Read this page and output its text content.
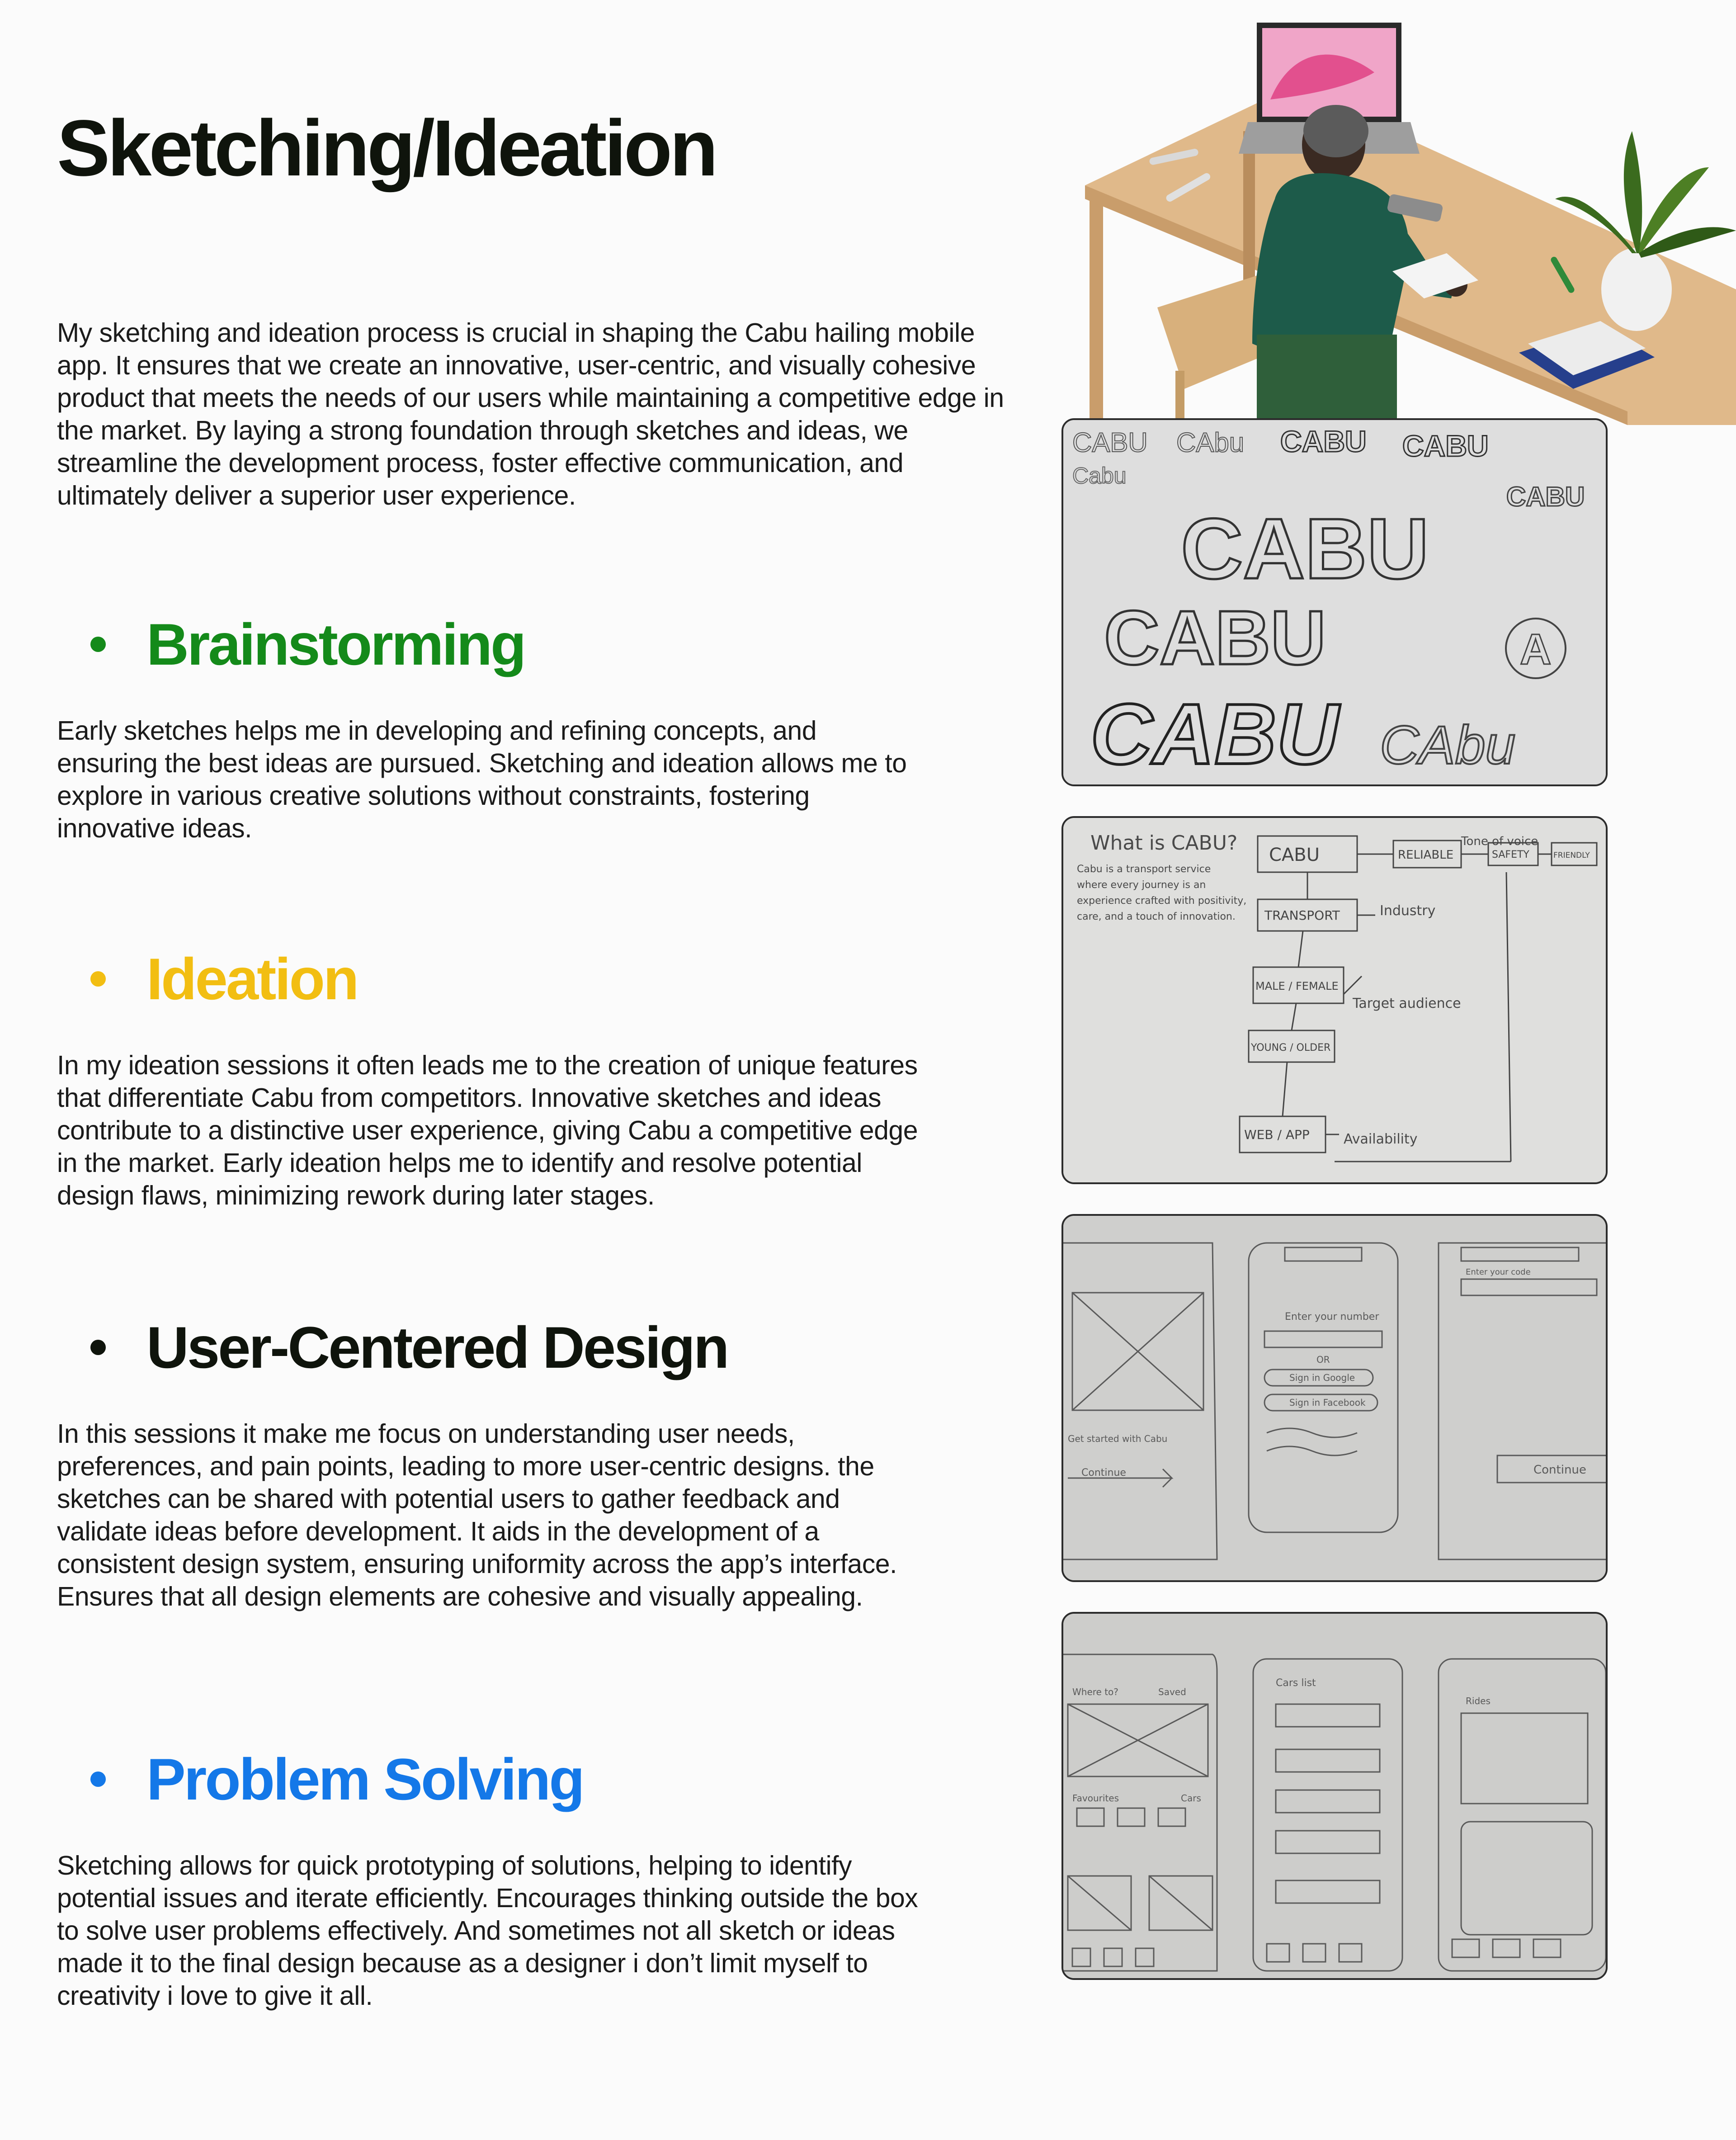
Sketching/Ideation

My sketching and ideation process is crucial in shaping the Cabu hailing mobile app. It ensures that we create an innovative, user-centric, and visually cohesive product that meets the needs of our users while maintaining a competitive edge in the market. By laying a strong foundation through sketches and ideas, we streamline the development process, foster effective communication, and ultimately deliver a superior user experience.

Brainstorming

Early sketches helps me in developing and refining concepts, and ensuring the best ideas are pursued. Sketching and ideation allows me to explore in various creative solutions without constraints, fostering innovative ideas.

Ideation

In my ideation sessions it often leads me to the creation of unique features that differentiate Cabu from competitors. Innovative sketches and ideas contribute to a distinctive user experience, giving Cabu a competitive edge in the market. Early ideation helps me to identify and resolve potential design flaws, minimizing rework during later stages.

User-Centered Design

In this sessions it make me focus on understanding user needs, preferences, and pain points, leading to more user-centric designs. the sketches can be shared with potential users to gather feedback and validate ideas before development. It aids in the development of a consistent design system, ensuring uniformity across the app’s interface. Ensures that all design elements are cohesive and visually appealing.

Problem Solving

Sketching allows for quick prototyping of solutions, helping to identify potential issues and iterate efficiently. Encourages thinking outside the box to solve user problems effectively. And sometimes not all sketch or ideas made it to the final design because as a designer i don’t limit myself to creativity i love to give it all.

CABU CAbu CABU CABU
Cabu
CABU
CABU
CABU
CABU CAbu
A
What is CABU?
Cabu is a transport service
where every journey is an
experience crafted with positivity,
care, and a touch of innovation.
Tone of voice
Industry
Target audience
Availability
CABU	RELIABLE	SAFETY	FRIENDLY
TRANSPORT
MALE / FEMALE
YOUNG / OLDER
WEB / APP
Enter your number
OR
Sign in Google
Sign in Facebook
Continue	Continue
Enter your code
Get started with Cabu
Where to?	Saved
Favourites	Cars
Cars list
Rides
